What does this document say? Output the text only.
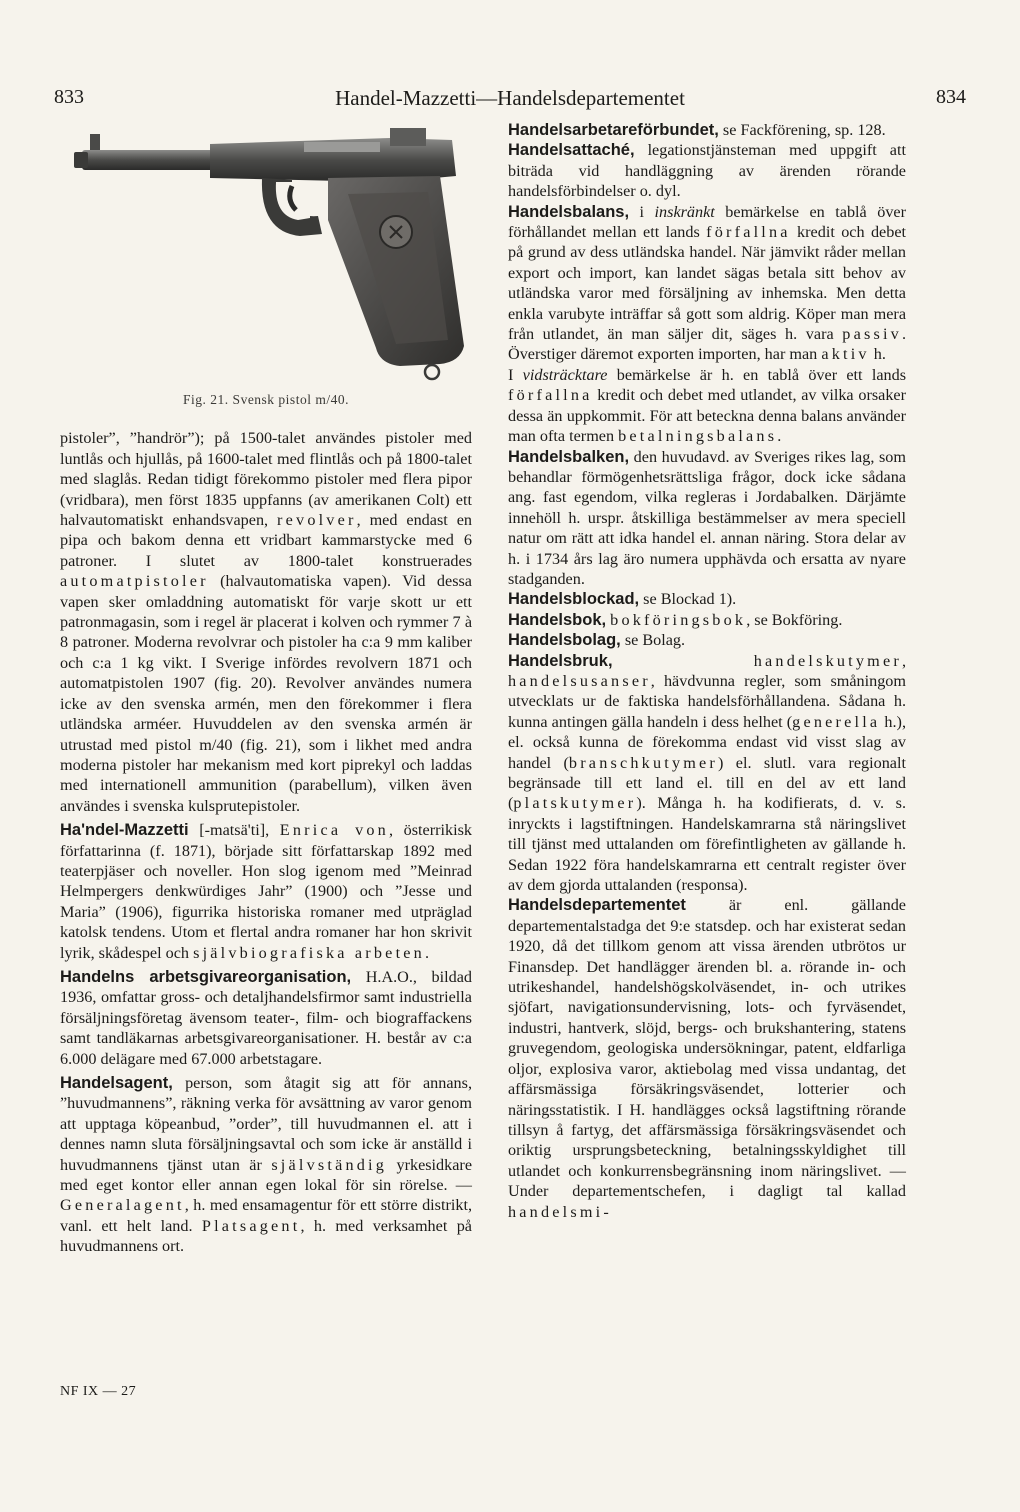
833	Handel-Mazzetti—Handelsdepartementet	834
Fig. 21. Svensk pistol m/40.

pistoler”, ”handrör”); på 1500-talet användes pistoler med luntlås och hjullås, på 1600-talet med flintlås och på 1800-talet med slaglås. Redan tidigt förekommo pistoler med flera pipor (vridbara), men först 1835 uppfanns (av amerikanen Colt) ett halvautomatiskt enhandsvapen, revolver, med endast en pipa och bakom denna ett vridbart kammarstycke med 6 patroner. I slutet av 1800-talet konstruerades automatpistoler (halvautomatiska vapen). Vid dessa vapen sker omladdning automatiskt för varje skott ur ett patronmagasin, som i regel är placerat i kolven och rymmer 7 à 8 patroner. Moderna revolvrar och pistoler ha c:a 9 mm kaliber och c:a 1 kg vikt. I Sverige infördes revolvern 1871 och automatpistolen 1907 (fig. 20). Revolver användes numera icke av den svenska armén, men den förekommer i flera utländska arméer. Huvuddelen av den svenska armén är utrustad med pistol m/40 (fig. 21), som i likhet med andra moderna pistoler har mekanism med kort piprekyl och laddas med internationell ammunition (parabellum), vilken även användes i svenska kulsprutepistoler.

Ha'ndel-Mazzetti [-matsä'ti], Enrica von, österrikisk författarinna (f. 1871), började sitt författarskap 1892 med teaterpjäser och noveller. Hon slog igenom med ”Meinrad Helmpergers denkwürdiges Jahr” (1900) och ”Jesse und Maria” (1906), figurrika historiska romaner med utpräglad katolsk tendens. Utom et flertal andra romaner har hon skrivit lyrik, skådespel och självbiografiska arbeten.

Handelns arbetsgivareorganisation, H.A.O., bildad 1936, omfattar gross- och detaljhandelsfirmor samt industriella försäljningsföretag ävensom teater-, film- och biograffackens samt tandläkarnas arbetsgivareorganisationer. H. består av c:a 6.000 delägare med 67.000 arbetstagare.

Handelsagent, person, som åtagit sig att för annans, ”huvudmannens”, räkning verka för avsättning av varor genom att upptaga köpeanbud, ”order”, till huvudmannen el. att i dennes namn sluta försäljningsavtal och som icke är anställd i huvudmannens tjänst utan är självständig yrkesidkare med eget kontor eller annan egen lokal för sin rörelse. — Generalagent, h. med ensamagentur för ett större distrikt, vanl. ett helt land. Platsagent, h. med verksamhet på huvudmannens ort.

NF IX — 27

Handelsarbetareförbundet, se Fackförening, sp. 128.

Handelsattaché, legationstjänsteman med uppgift att biträda vid handläggning av ärenden rörande handelsförbindelser o. dyl.

Handelsbalans, i inskränkt bemärkelse en tablå över förhållandet mellan ett lands förfallna kredit och debet på grund av dess utländska handel. När jämvikt råder mellan export och import, kan landet sägas betala sitt behov av utländska varor med försäljning av inhemska. Men detta enkla varubyte inträffar så gott som aldrig. Köper man mera från utlandet, än man säljer dit, säges h. vara passiv. Överstiger däremot exporten importen, har man aktiv h.

I vidsträcktare bemärkelse är h. en tablå över ett lands förfallna kredit och debet med utlandet, av vilka orsaker dessa än uppkommit. För att beteckna denna balans använder man ofta termen betalningsbalans.

Handelsbalken, den huvudavd. av Sveriges rikes lag, som behandlar förmögenhetsrättsliga frågor, dock icke sådana ang. fast egendom, vilka regleras i Jordabalken. Därjämte innehöll h. urspr. åtskilliga bestämmelser av mera speciell natur om rätt att idka handel el. annan näring. Stora delar av h. i 1734 års lag äro numera upphävda och ersatta av nyare stadganden.

Handelsblockad, se Blockad 1).

Handelsbok, bokföringsbok, se Bokföring.

Handelsbolag, se Bolag.

Handelsbruk,	handelskutymer, handelsusanser, hävdvunna regler, som småningom utvecklats ur de faktiska handelsförhållandena. Sådana h. kunna antingen gälla handeln i dess helhet (generella h.), el. också kunna de förekomma endast vid visst slag av handel (branschkutymer) el. slutl. vara regionalt begränsade till ett land el. till en del av ett land (platskutymer). Många h. ha kodifierats, d. v. s. inryckts i lagstiftningen. Handelskamrarna stå näringslivet till tjänst med uttalanden om förefintligheten av gällande h. Sedan 1922 föra handelskamrarna ett centralt register över av dem gjorda uttalanden (responsa).

Handelsdepartementet är enl. gällande departementalstadga det 9:e statsdep. och har existerat sedan 1920, då det tillkom genom att vissa ärenden utbrötos ur Finansdep. Det handlägger ärenden bl. a. rörande in- och utrikeshandel, handelshögskolväsendet, in- och utrikes sjöfart, navigationsundervisning, lots- och fyrväsendet, industri, hantverk, slöjd, bergs- och brukshantering, statens gruvegendom, geologiska undersökningar, patent, eldfarliga oljor, explosiva varor, aktiebolag med vissa undantag, det affärsmässiga försäkringsväsendet, lotterier och näringsstatistik. I H. handlägges också lagstiftning rörande tillsyn å fartyg, det affärsmässiga försäkringsväsendet och oriktig ursprungsbeteckning, betalningsskyldighet till utlandet och konkurrensbegränsning inom näringslivet. — Under departementschefen, i dagligt tal kallad handelsmi-
